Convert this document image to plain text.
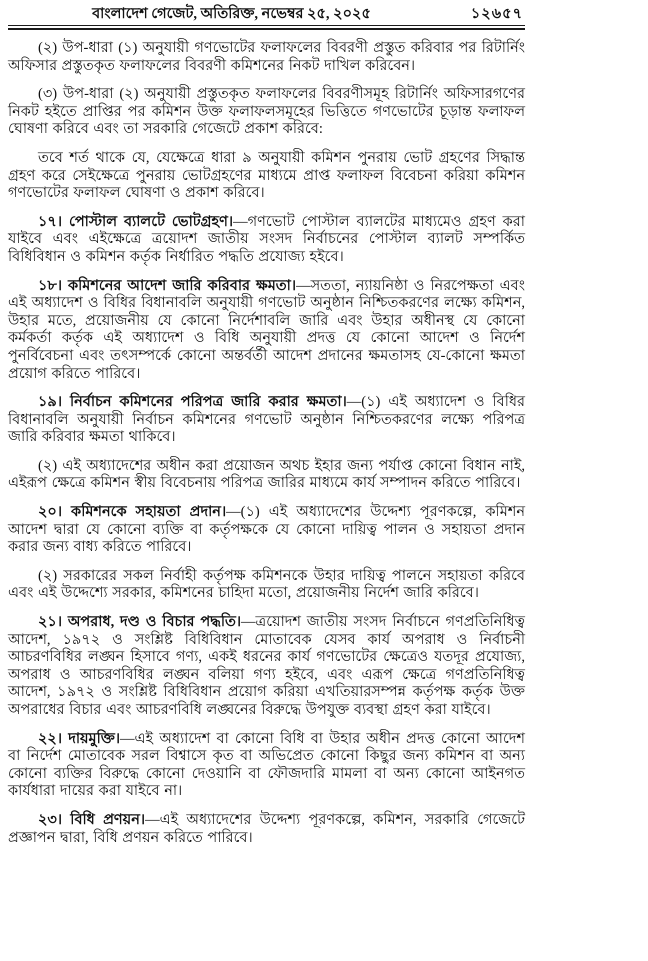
বাংলাদেশ গেজেট, অতিরিক্ত, নভেম্বর ২৫, ২০২৫	১২৬৫৭

(২) উপ-ধারা (১) অনুযায়ী গণভোটের ফলাফলের বিবরণী প্রস্তুত করিবার পর রিটার্নিং অফিসার প্রস্তুতকৃত ফলাফলের বিবরণী কমিশনের নিকট দাখিল করিবেন।

(৩) উপ-ধারা (২) অনুযায়ী প্রস্তুতকৃত ফলাফলের বিবরণীসমূহ রিটার্নিং অফিসারগণের নিকট হইতে প্রাপ্তির পর কমিশন উক্ত ফলাফলসমূহের ভিত্তিতে গণভোটের চূড়ান্ত ফলাফল ঘোষণা করিবে এবং তা সরকারি গেজেটে প্রকাশ করিবে:

তবে শর্ত থাকে যে, যেক্ষেত্রে ধারা ৯ অনুযায়ী কমিশন পুনরায় ভোট গ্রহণের সিদ্ধান্ত গ্রহণ করে সেইক্ষেত্রে পুনরায় ভোটগ্রহণের মাধ্যমে প্রাপ্ত ফলাফল বিবেচনা করিয়া কমিশন গণভোটের ফলাফল ঘোষণা ও প্রকাশ করিবে।

১৭। পোস্টাল ব্যালটে ভোটগ্রহণ।—গণভোট পোস্টাল ব্যালটের মাধ্যমেও গ্রহণ করা যাইবে এবং এইক্ষেত্রে ত্রয়োদশ জাতীয় সংসদ নির্বাচনের পোস্টাল ব্যালট সম্পর্কিত বিধিবিধান ও কমিশন কর্তৃক নির্ধারিত পদ্ধতি প্রযোজ্য হইবে।

১৮। কমিশনের আদেশ জারি করিবার ক্ষমতা।—সততা, ন্যায়নিষ্ঠা ও নিরপেক্ষতা এবং এই অধ্যাদেশ ও বিধির বিধানাবলি অনুযায়ী গণভোট অনুষ্ঠান নিশ্চিতকরণের লক্ষ্যে কমিশন, উহার মতে, প্রয়োজনীয় যে কোনো নির্দেশাবলি জারি এবং উহার অধীনস্থ যে কোনো কর্মকর্তা কর্তৃক এই অধ্যাদেশ ও বিধি অনুযায়ী প্রদত্ত যে কোনো আদেশ ও নির্দেশ পুনর্বিবেচনা এবং তৎসম্পর্কে কোনো অন্তর্বর্তী আদেশ প্রদানের ক্ষমতাসহ যে-কোনো ক্ষমতা প্রয়োগ করিতে পারিবে।

১৯। নির্বাচন কমিশনের পরিপত্র জারি করার ক্ষমতা।—(১) এই অধ্যাদেশ ও বিধির বিধানাবলি অনুযায়ী নির্বাচন কমিশনের গণভোট অনুষ্ঠান নিশ্চিতকরণের লক্ষ্যে পরিপত্র জারি করিবার ক্ষমতা থাকিবে।

(২) এই অধ্যাদেশের অধীন করা প্রয়োজন অথচ ইহার জন্য পর্যাপ্ত কোনো বিধান নাই, এইরূপ ক্ষেত্রে কমিশন স্বীয় বিবেচনায় পরিপত্র জারির মাধ্যমে কার্য সম্পাদন করিতে পারিবে।

২০। কমিশনকে সহায়তা প্রদান।—(১) এই অধ্যাদেশের উদ্দেশ্য পূরণকল্পে, কমিশন আদেশ দ্বারা যে কোনো ব্যক্তি বা কর্তৃপক্ষকে যে কোনো দায়িত্ব পালন ও সহায়তা প্রদান করার জন্য বাধ্য করিতে পারিবে।

(২) সরকারের সকল নির্বাহী কর্তৃপক্ষ কমিশনকে উহার দায়িত্ব পালনে সহায়তা করিবে এবং এই উদ্দেশ্যে সরকার, কমিশনের চাহিদা মতো, প্রয়োজনীয় নির্দেশ জারি করিবে।

২১। অপরাধ, দণ্ড ও বিচার পদ্ধতি।—ত্রয়োদশ জাতীয় সংসদ নির্বাচনে গণপ্রতিনিধিত্ব আদেশ, ১৯৭২ ও সংশ্লিষ্ট বিধিবিধান মোতাবেক যেসব কার্য অপরাধ ও নির্বাচনী আচরণবিধির লঙ্ঘন হিসাবে গণ্য, একই ধরনের কার্য গণভোটের ক্ষেত্রেও যতদূর প্রযোজ্য, অপরাধ ও আচরণবিধির লঙ্ঘন বলিয়া গণ্য হইবে, এবং এরূপ ক্ষেত্রে গণপ্রতিনিধিত্ব আদেশ, ১৯৭২ ও সংশ্লিষ্ট বিধিবিধান প্রয়োগ করিয়া এখতিয়ারসম্পন্ন কর্তৃপক্ষ কর্তৃক উক্ত অপরাধের বিচার এবং আচরণবিধি লঙ্ঘনের বিরুদ্ধে উপযুক্ত ব্যবস্থা গ্রহণ করা যাইবে।

২২। দায়মুক্তি।—এই অধ্যাদেশ বা কোনো বিধি বা উহার অধীন প্রদত্ত কোনো আদেশ বা নির্দেশ মোতাবেক সরল বিশ্বাসে কৃত বা অভিপ্রেত কোনো কিছুর জন্য কমিশন বা অন্য কোনো ব্যক্তির বিরুদ্ধে কোনো দেওয়ানি বা ফৌজদারি মামলা বা অন্য কোনো আইনগত কার্যধারা দায়ের করা যাইবে না।

২৩। বিধি প্রণয়ন।—এই অধ্যাদেশের উদ্দেশ্য পূরণকল্পে, কমিশন, সরকারি গেজেটে প্রজ্ঞাপন দ্বারা, বিধি প্রণয়ন করিতে পারিবে।
